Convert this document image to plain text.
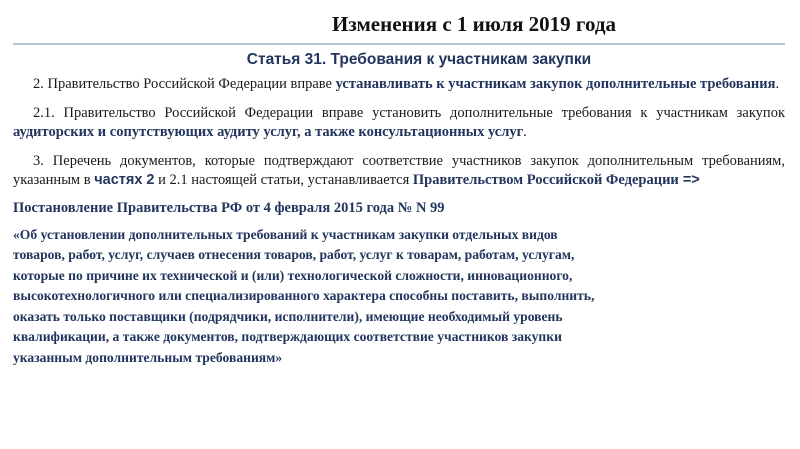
Изменения с 1 июля 2019 года
Статья 31. Требования к участникам закупки

2. Правительство Российской Федерации вправе устанавливать к участникам закупок дополнительные требования.

2.1. Правительство Российской Федерации вправе установить дополнительные требования к участникам закупок аудиторских и сопутствующих аудиту услуг, а также консультационных услуг.

3. Перечень документов, которые подтверждают соответствие участников закупок дополнительным требованиям, указанным в частях 2 и 2.1 настоящей статьи, устанавливается Правительством Российской Федерации =>

Постановление Правительства РФ от 4 февраля 2015 года № N 99
«Об установлении дополнительных требований к участникам закупки отдельных видов
товаров, работ, услуг, случаев отнесения товаров, работ, услуг к товарам, работам, услугам,
которые по причине их технической и (или) технологической сложности, инновационного,
высокотехнологичного или специализированного характера способны поставить, выполнить,
оказать только поставщики (подрядчики, исполнители), имеющие необходимый уровень
квалификации, а также документов, подтверждающих соответствие участников закупки
указанным дополнительным требованиям»
